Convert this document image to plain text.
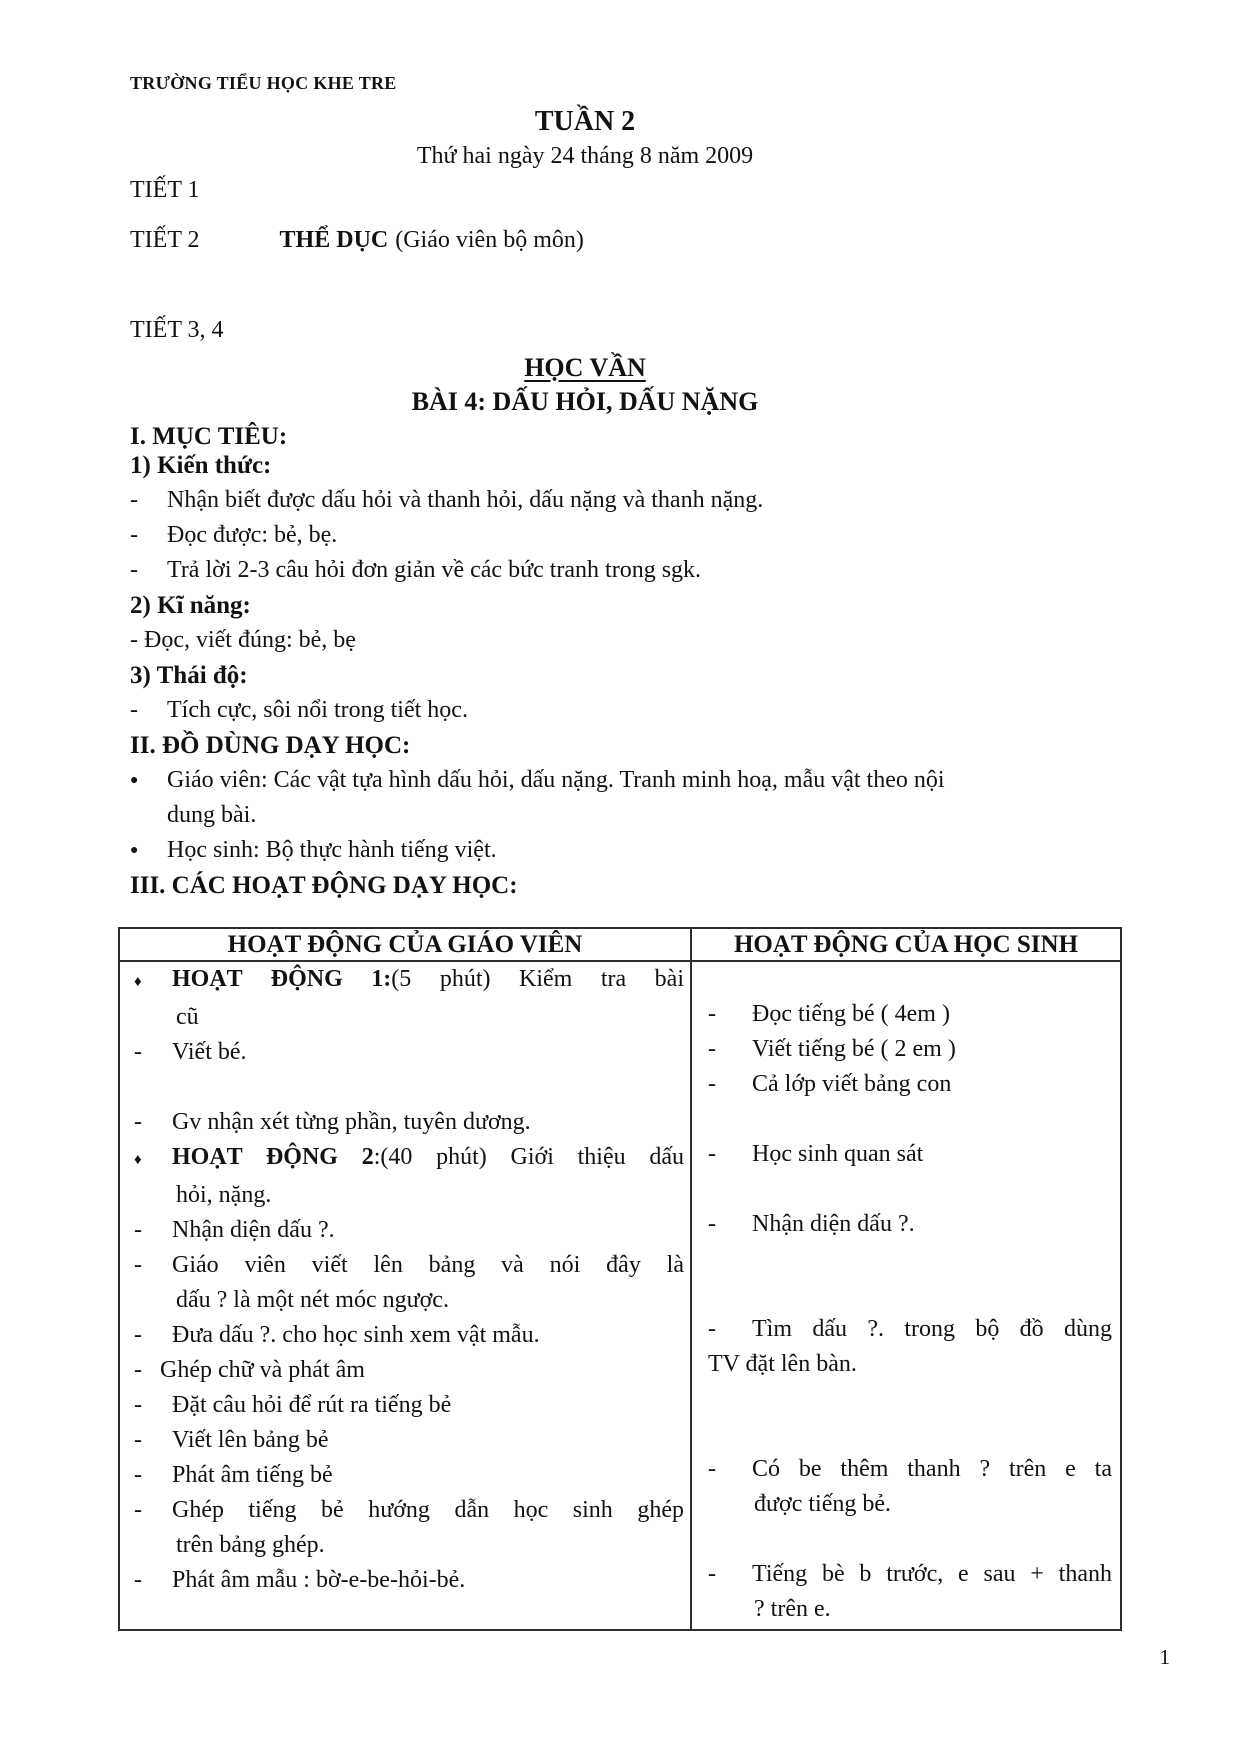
TRƯỜNG TIỂU HỌC KHE TRE
TUẦN 2
Thứ hai ngày 24 tháng 8 năm 2009
TIẾT 1
TIẾT 2	THỂ DỤC (Giáo viên bộ môn)
TIẾT 3, 4
HỌC VẦN
BÀI 4: DẤU HỎI, DẤU NẶNG
I. MỤC TIÊU:
1) Kiến thức:
- Nhận biết được dấu hỏi và thanh hỏi, dấu nặng và thanh nặng.
- Đọc được: bẻ, bẹ.
- Trả lời 2-3 câu hỏi đơn giản về các bức tranh trong sgk.
2) Kĩ năng:
- Đọc, viết đúng: bẻ, bẹ
3) Thái độ:
- Tích cực, sôi nổi trong tiết học.
II. ĐỒ DÙNG DẠY HỌC:
● Giáo viên: Các vật tựa hình dấu hỏi, dấu nặng. Tranh minh hoạ, mẫu vật theo nội
dung bài.
● Học sinh: Bộ thực hành tiếng việt.
III. CÁC HOẠT ĐỘNG DẠY HỌC:
HOẠT ĐỘNG CỦA GIÁO VIÊN	HOẠT ĐỘNG CỦA HỌC SINH
♦ HOẠT ĐỘNG 1:(5 phút) Kiểm tra bài
cũ
- Viết bé.
- Gv nhận xét từng phần, tuyên dương.
♦ HOẠT ĐỘNG 2:(40 phút) Giới thiệu dấu
hỏi, nặng.
- Nhận diện dấu ?.
- Giáo viên viết lên bảng và nói đây là
dấu ? là một nét móc ngược.
- Đưa dấu ?. cho học sinh xem vật mẫu.
- Ghép chữ và phát âm
- Đặt câu hỏi để rút ra tiếng bẻ
- Viết lên bảng bẻ
- Phát âm tiếng bẻ
- Ghép tiếng bẻ hướng dẫn học sinh ghép
trên bảng ghép.
- Phát âm mẫu : bờ-e-be-hỏi-bẻ.
- Đọc tiếng bé ( 4em )
- Viết tiếng bé ( 2 em )
- Cả lớp viết bảng con
- Học sinh quan sát
- Nhận diện dấu ?.
- Tìm dấu ?. trong bộ đồ dùng
TV đặt lên bàn.
- Có be thêm thanh ? trên e ta
được tiếng bẻ.
- Tiếng bè b trước, e sau + thanh
? trên e.
1
